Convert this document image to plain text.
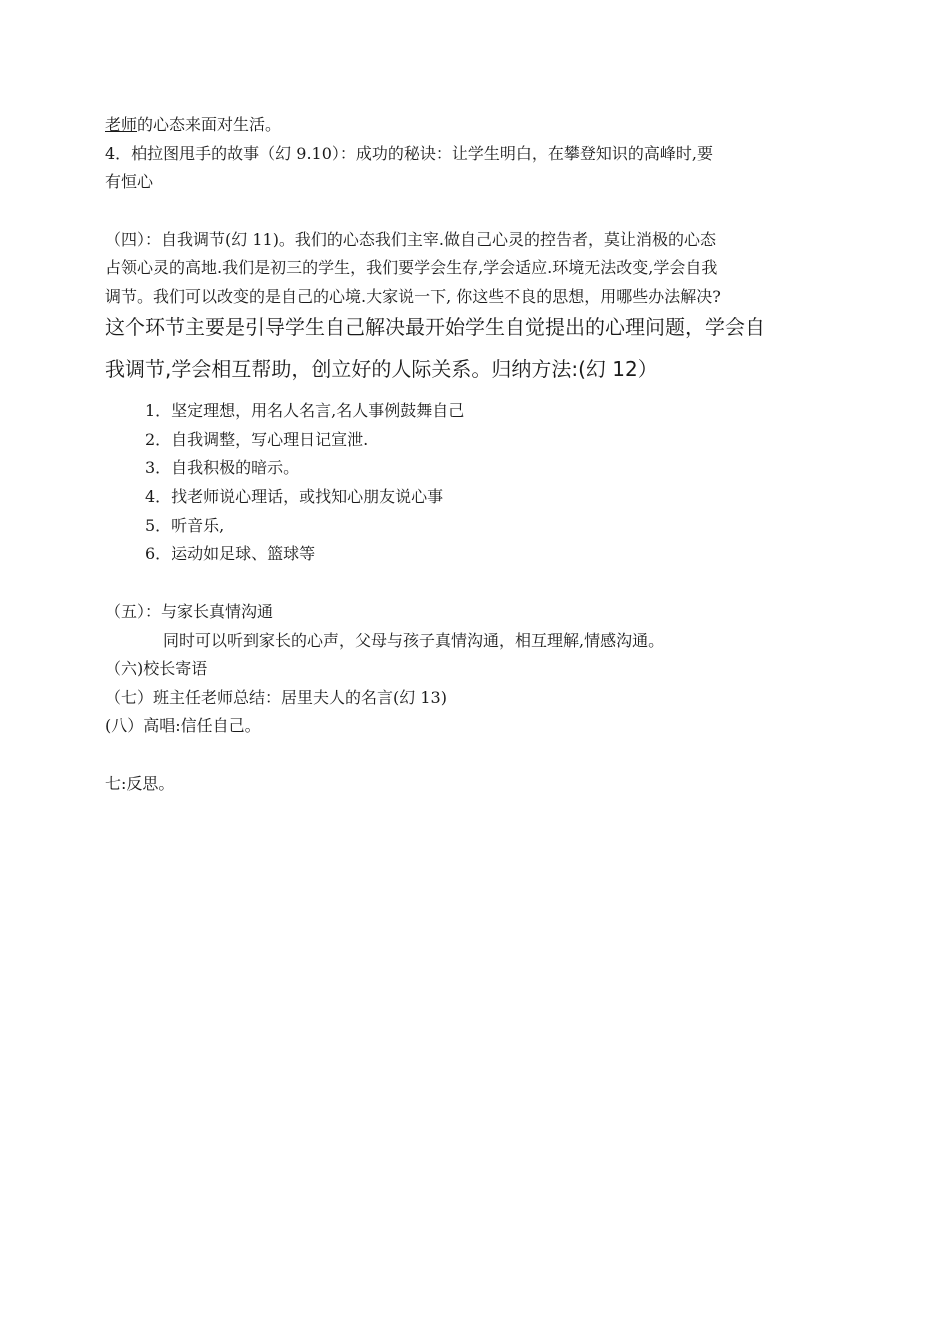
老师的心态来面对生活。
4．柏拉图甩手的故事（幻 9.10）：成功的秘诀：让学生明白，在攀登知识的高峰时,要
有恒心
（四）：自我调节(幻 11)。我们的心态我们主宰.做自己心灵的控告者，莫让消极的心态
占领心灵的高地.我们是初三的学生，我们要学会生存,学会适应.环境无法改变,学会自我
调节。我们可以改变的是自己的心境.大家说一下, 你这些不良的思想，用哪些办法解决?
这个环节主要是引导学生自己解决最开始学生自觉提出的心理问题，学会自
我调节,学会相互帮助，创立好的人际关系。归纳方法:(幻 12）
1．坚定理想，用名人名言,名人事例鼓舞自己
2．自我调整，写心理日记宣泄.
3．自我积极的暗示。
4．找老师说心理话，或找知心朋友说心事
5．听音乐,
6．运动如足球、篮球等
（五）：与家长真情沟通
同时可以听到家长的心声，父母与孩子真情沟通，相互理解,情感沟通。
（六)校长寄语
（七）班主任老师总结：居里夫人的名言(幻 13)
(八）高唱:信任自己。
七:反思。
